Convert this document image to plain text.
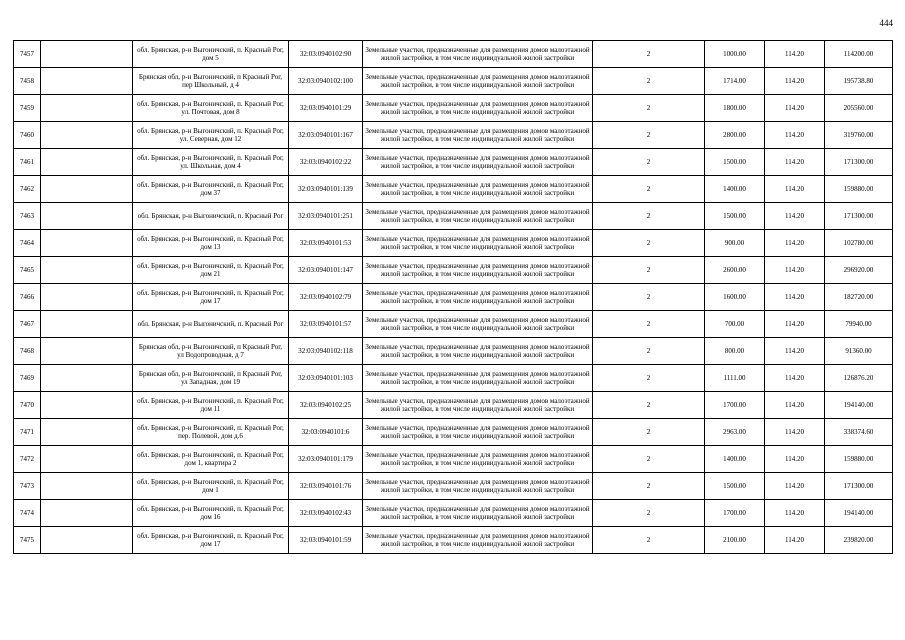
444
7457		обл. Брянская, р-н Выгоничский, п. Красный Рог, дом 5	32:03:0940102:90	Земельные участки, предназначенные для размещения домов малоэтажной жилой застройки, в том числе индивидуальной жилой застройки	2	1000.00	114.20	114200.00
7458		Брянская обл, р-н Выгоничский, п Красный Рог, пер Школьный, д 4	32:03:0940102:100	Земельные участки, предназначенные для размещения домов малоэтажной жилой застройки, в том числе индивидуальной жилой застройки	2	1714.00	114.20	195738.80
7459		обл. Брянская, р-н Выгоничский, п. Красный Рог, ул. Почтовая, дом 8	32:03:0940101:29	Земельные участки, предназначенные для размещения домов малоэтажной жилой застройки, в том числе индивидуальной жилой застройки	2	1800.00	114.20	205560.00
7460		обл. Брянская, р-н Выгоничский, п. Красный Рог, ул. Северная, дом 12	32:03:0940101:167	Земельные участки, предназначенные для размещения домов малоэтажной жилой застройки, в том числе индивидуальной жилой застройки	2	2800.00	114.20	319760.00
7461		обл. Брянская, р-н Выгоничский, п. Красный Рог, ул. Школьная, дом 4	32:03:0940102:22	Земельные участки, предназначенные для размещения домов малоэтажной жилой застройки, в том числе индивидуальной жилой застройки	2	1500.00	114.20	171300.00
7462		обл. Брянская, р-н Выгоничский, п. Красный Рог, дом 37	32:03:0940101:139	Земельные участки, предназначенные для размещения домов малоэтажной жилой застройки, в том числе индивидуальной жилой застройки	2	1400.00	114.20	159880.00
7463		обл. Брянская, р-н Выгоничский, п. Красный Рог	32:03:0940101:251	Земельные участки, предназначенные для размещения домов малоэтажной жилой застройки, в том числе индивидуальной жилой застройки	2	1500.00	114.20	171300.00
7464		обл. Брянская, р-н Выгоничский, п. Красный Рог, дом 13	32:03:0940101:53	Земельные участки, предназначенные для размещения домов малоэтажной жилой застройки, в том числе индивидуальной жилой застройки	2	900.00	114.20	102780.00
7465		обл. Брянская, р-н Выгоничский, п. Красный Рог, дом 21	32:03:0940101:147	Земельные участки, предназначенные для размещения домов малоэтажной жилой застройки, в том числе индивидуальной жилой застройки	2	2600.00	114.20	296920.00
7466		обл. Брянская, р-н Выгоничский, п. Красный Рог, дом 17	32:03:0940102:79	Земельные участки, предназначенные для размещения домов малоэтажной жилой застройки, в том числе индивидуальной жилой застройки	2	1600.00	114.20	182720.00
7467		обл. Брянская, р-н Выгоничский, п. Красный Рог	32:03:0940101:57	Земельные участки, предназначенные для размещения домов малоэтажной жилой застройки, в том числе индивидуальной жилой застройки	2	700.00	114.20	79940.00
7468		Брянская обл, р-н Выгоничский, п Красный Рог, ул Водопроводная, д 7	32:03:0940102:118	Земельные участки, предназначенные для размещения домов малоэтажной жилой застройки, в том числе индивидуальной жилой застройки	2	800.00	114.20	91360.00
7469		Брянская обл, р-н Выгоничский, п Красный Рог, ул Западная, дом 19	32:03:0940101:103	Земельные участки, предназначенные для размещения домов малоэтажной жилой застройки, в том числе индивидуальной жилой застройки	2	1111.00	114.20	126876.20
7470		обл. Брянская, р-н Выгоничский, п. Красный Рог, дом 11	32:03:0940102:25	Земельные участки, предназначенные для размещения домов малоэтажной жилой застройки, в том числе индивидуальной жилой застройки	2	1700.00	114.20	194140.00
7471		обл. Брянская, р-н Выгоничский, п. Красный Рог, пер. Полевой, дом д.6	32:03:0940101:6	Земельные участки, предназначенные для размещения домов малоэтажной жилой застройки, в том числе индивидуальной жилой застройки	2	2963.00	114.20	338374.60
7472		обл. Брянская, р-н Выгоничский, п. Красный Рог, дом 1, квартира 2	32:03:0940101:179	Земельные участки, предназначенные для размещения домов малоэтажной жилой застройки, в том числе индивидуальной жилой застройки	2	1400.00	114.20	159880.00
7473		обл. Брянская, р-н Выгоничский, п. Красный Рог, дом 1	32:03:0940101:76	Земельные участки, предназначенные для размещения домов малоэтажной жилой застройки, в том числе индивидуальной жилой застройки	2	1500.00	114.20	171300.00
7474		обл. Брянская, р-н Выгоничский, п. Красный Рог, дом 16	32:03:0940102:43	Земельные участки, предназначенные для размещения домов малоэтажной жилой застройки, в том числе индивидуальной жилой застройки	2	1700.00	114.20	194140.00
7475		обл. Брянская, р-н Выгоничский, п. Красный Рог, дом 17	32:03:0940101:59	Земельные участки, предназначенные для размещения домов малоэтажной жилой застройки, в том числе индивидуальной жилой застройки	2	2100.00	114.20	239820.00
